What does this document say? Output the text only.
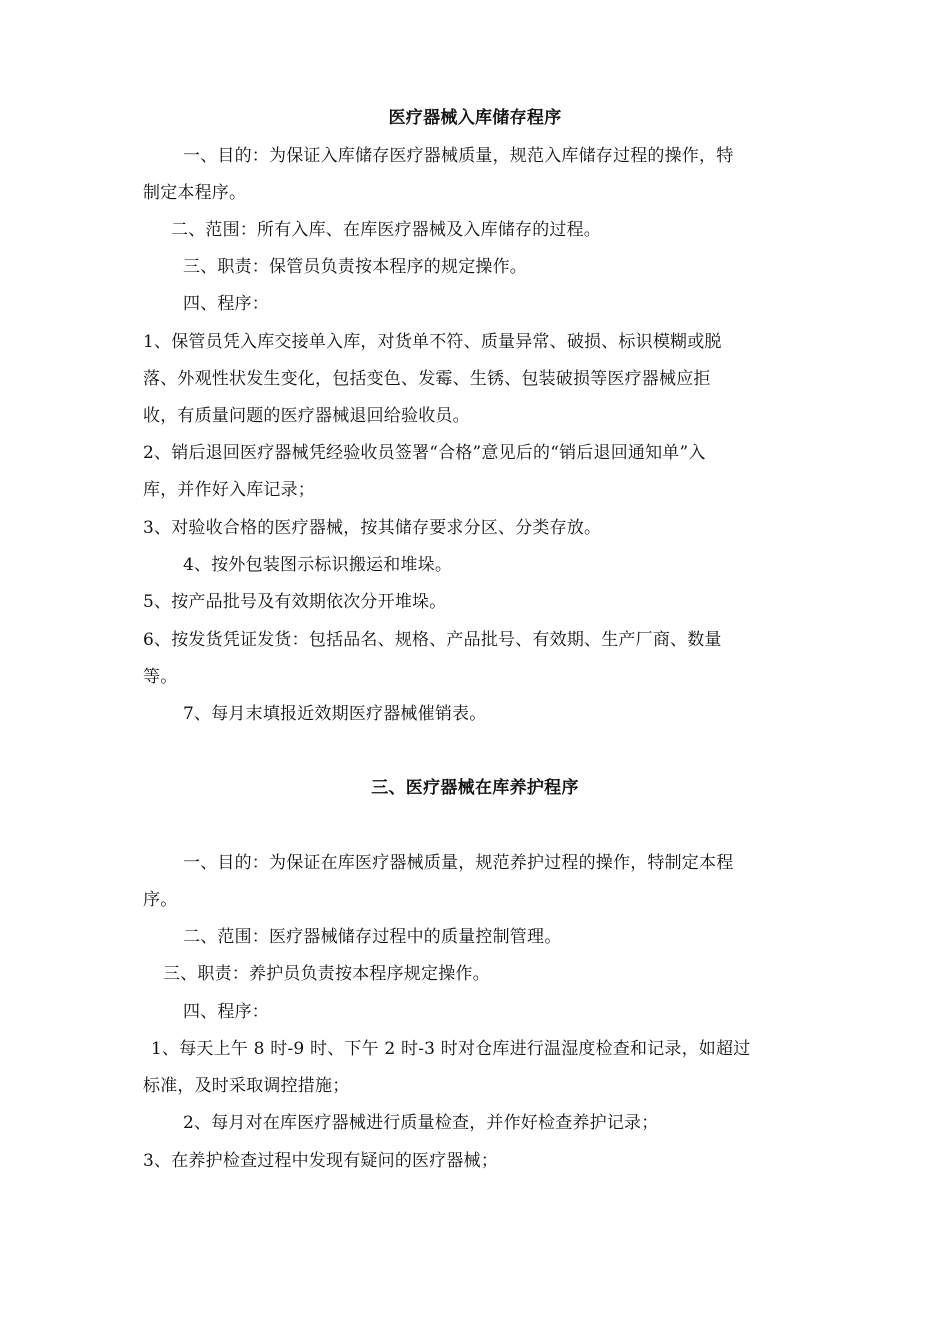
医疗器械入库储存程序
一、目的：为保证入库储存医疗器械质量，规范入库储存过程的操作，特
制定本程序。
二、范围：所有入库、在库医疗器械及入库储存的过程。
三、职责：保管员负责按本程序的规定操作。
四、程序：
1、保管员凭入库交接单入库，对货单不符、质量异常、破损、标识模糊或脱
落、外观性状发生变化，包括变色、发霉、生锈、包装破损等医疗器械应拒
收，有质量问题的医疗器械退回给验收员。
2、销后退回医疗器械凭经验收员签署“合格”意见后的“销后退回通知单”入
库，并作好入库记录；
3、对验收合格的医疗器械，按其储存要求分区、分类存放。
4、按外包装图示标识搬运和堆垛。
5、按产品批号及有效期依次分开堆垛。
6、按发货凭证发货：包括品名、规格、产品批号、有效期、生产厂商、数量
等。
7、每月末填报近效期医疗器械催销表。
三、医疗器械在库养护程序
一、目的：为保证在库医疗器械质量，规范养护过程的操作，特制定本程
序。
二、范围：医疗器械储存过程中的质量控制管理。
三、职责：养护员负责按本程序规定操作。
四、程序：
1、每天上午 8 时-9 时、下午 2 时-3 时对仓库进行温湿度检查和记录，如超过
标准，及时采取调控措施；
2、每月对在库医疗器械进行质量检查，并作好检查养护记录；
3、在养护检查过程中发现有疑问的医疗器械；
